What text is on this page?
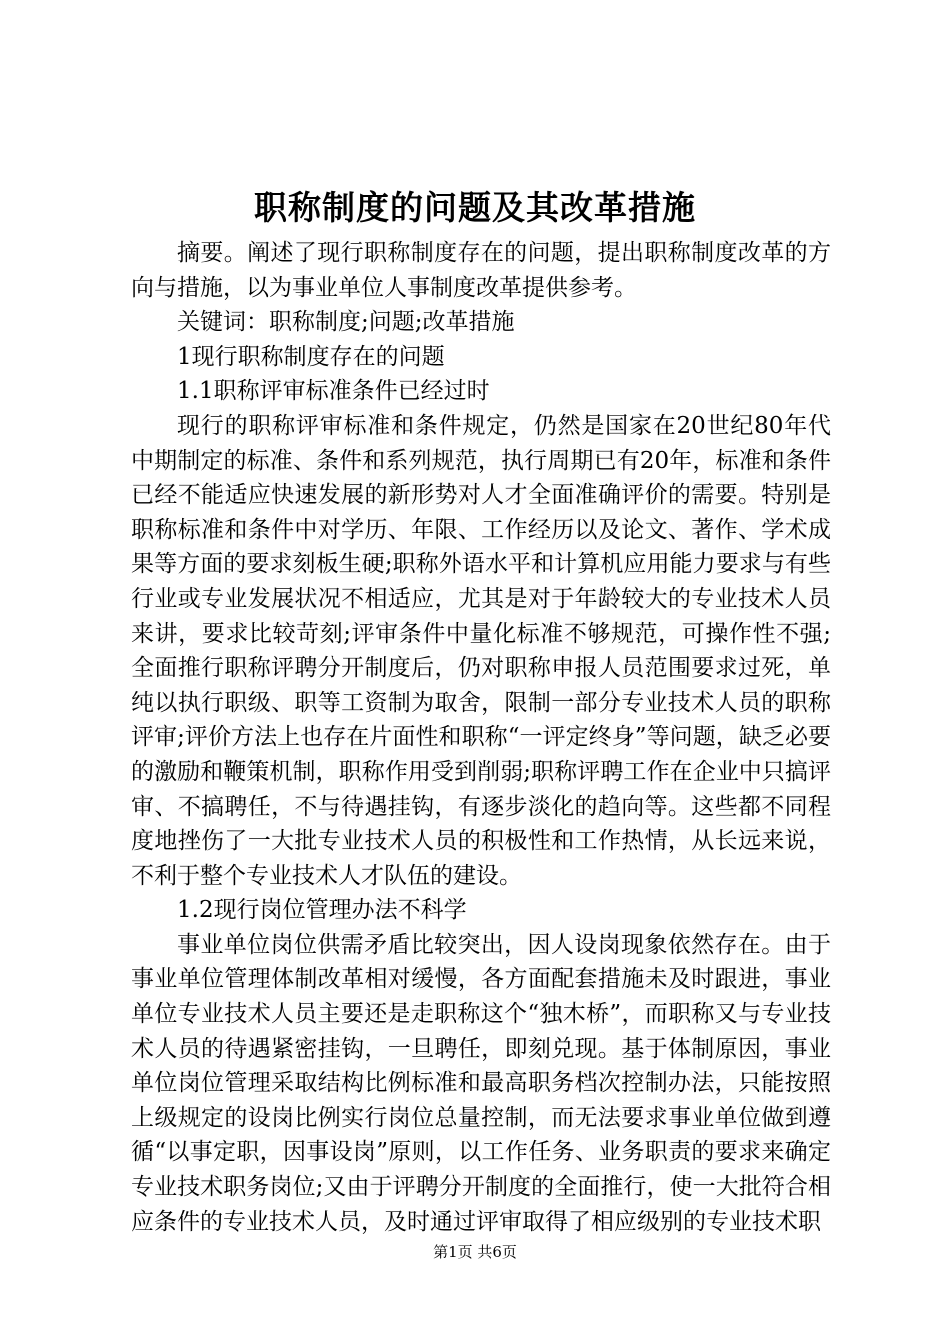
职称制度的问题及其改革措施

摘要。阐述了现行职称制度存在的问题，提出职称制度改革的方向与措施，以为事业单位人事制度改革提供参考。

关键词：职称制度;问题;改革措施

1现行职称制度存在的问题

1.1职称评审标准条件已经过时

现行的职称评审标准和条件规定，仍然是国家在20世纪80年代中期制定的标准、条件和系列规范，执行周期已有20年，标准和条件已经不能适应快速发展的新形势对人才全面准确评价的需要。特别是职称标准和条件中对学历、年限、工作经历以及论文、著作、学术成果等方面的要求刻板生硬;职称外语水平和计算机应用能力要求与有些行业或专业发展状况不相适应，尤其是对于年龄较大的专业技术人员来讲，要求比较苛刻;评审条件中量化标准不够规范，可操作性不强;全面推行职称评聘分开制度后，仍对职称申报人员范围要求过死，单纯以执行职级、职等工资制为取舍，限制一部分专业技术人员的职称评审;评价方法上也存在片面性和职称“一评定终身”等问题，缺乏必要的激励和鞭策机制，职称作用受到削弱;职称评聘工作在企业中只搞评审、不搞聘任，不与待遇挂钩，有逐步淡化的趋向等。这些都不同程度地挫伤了一大批专业技术人员的积极性和工作热情，从长远来说，不利于整个专业技术人才队伍的建设。

1.2现行岗位管理办法不科学

事业单位岗位供需矛盾比较突出，因人设岗现象依然存在。由于事业单位管理体制改革相对缓慢，各方面配套措施未及时跟进，事业单位专业技术人员主要还是走职称这个“独木桥”，而职称又与专业技术人员的待遇紧密挂钩，一旦聘任，即刻兑现。基于体制原因，事业单位岗位管理采取结构比例标准和最高职务档次控制办法，只能按照上级规定的设岗比例实行岗位总量控制，而无法要求事业单位做到遵循“以事定职，因事设岗”原则，以工作任务、业务职责的要求来确定专业技术职务岗位;又由于评聘分开制度的全面推行，使一大批符合相应条件的专业技术人员，及时通过评审取得了相应级别的专业技术职

第1页 共6页
